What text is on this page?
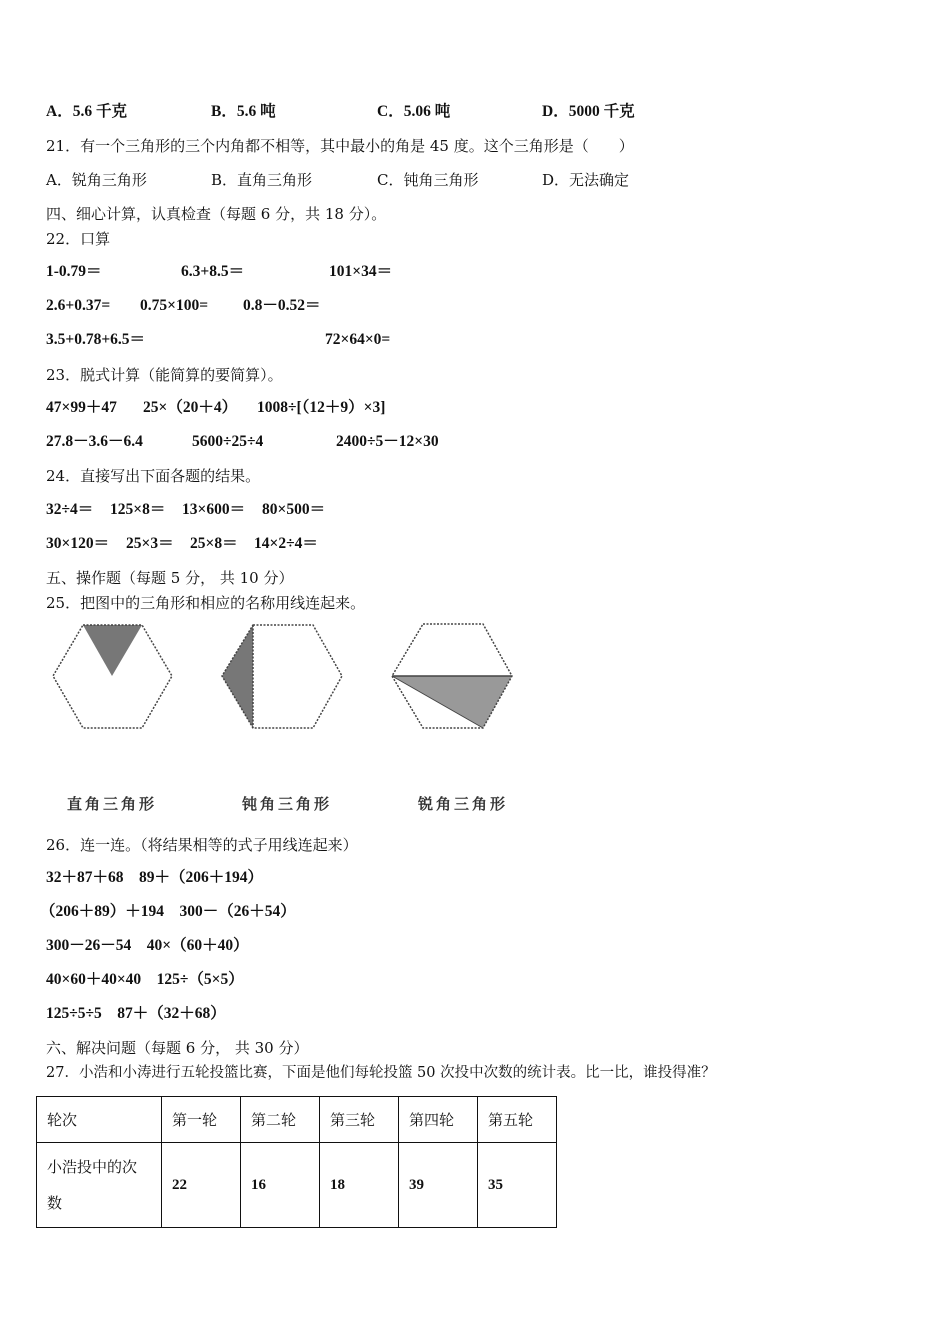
A．5.6 千克	B．5.6 吨	C．5.06 吨	D．5000 千克
21．有一个三角形的三个内角都不相等，其中最小的角是 45 度。这个三角形是（　　）
A．锐角三角形	B．直角三角形	C．钝角三角形	D．无法确定
四、细心计算，认真检查（每题 6 分，共 18 分）。
22．口算
1-0.79＝	6.3+8.5＝	101×34＝
2.6+0.37= 0.75×100= 0.8－0.52＝
3.5+0.78+6.5＝	72×64×0=
23．脱式计算（能简算的要简算）。
47×99＋47 25×（20＋4） 1008÷[（12＋9）×3]
27.8－3.6－6.4	5600÷25÷4	2400÷5－12×30
24．直接写出下面各题的结果。
32÷4＝ 125×8＝ 13×600＝ 80×500＝
30×120＝ 25×3＝ 25×8＝ 14×2÷4＝
五、操作题（每题 5 分， 共 10 分）
25．把图中的三角形和相应的名称用线连起来。
直角三角形	钝角三角形	锐角三角形
26．连一连。（将结果相等的式子用线连起来）
32＋87＋68　89＋（206＋194）
（206＋89）＋194　300－（26＋54）
300－26－54　40×（60＋40）
40×60＋40×40　125÷（5×5）
125÷5÷5　87＋（32＋68）
六、解决问题（每题 6 分， 共 30 分）
27．小浩和小涛进行五轮投篮比赛，下面是他们每轮投篮 50 次投中次数的统计表。比一比，谁投得准？
轮次	第一轮	第二轮	第三轮	第四轮	第五轮
小浩投中的次数	22	16	18	39	35
